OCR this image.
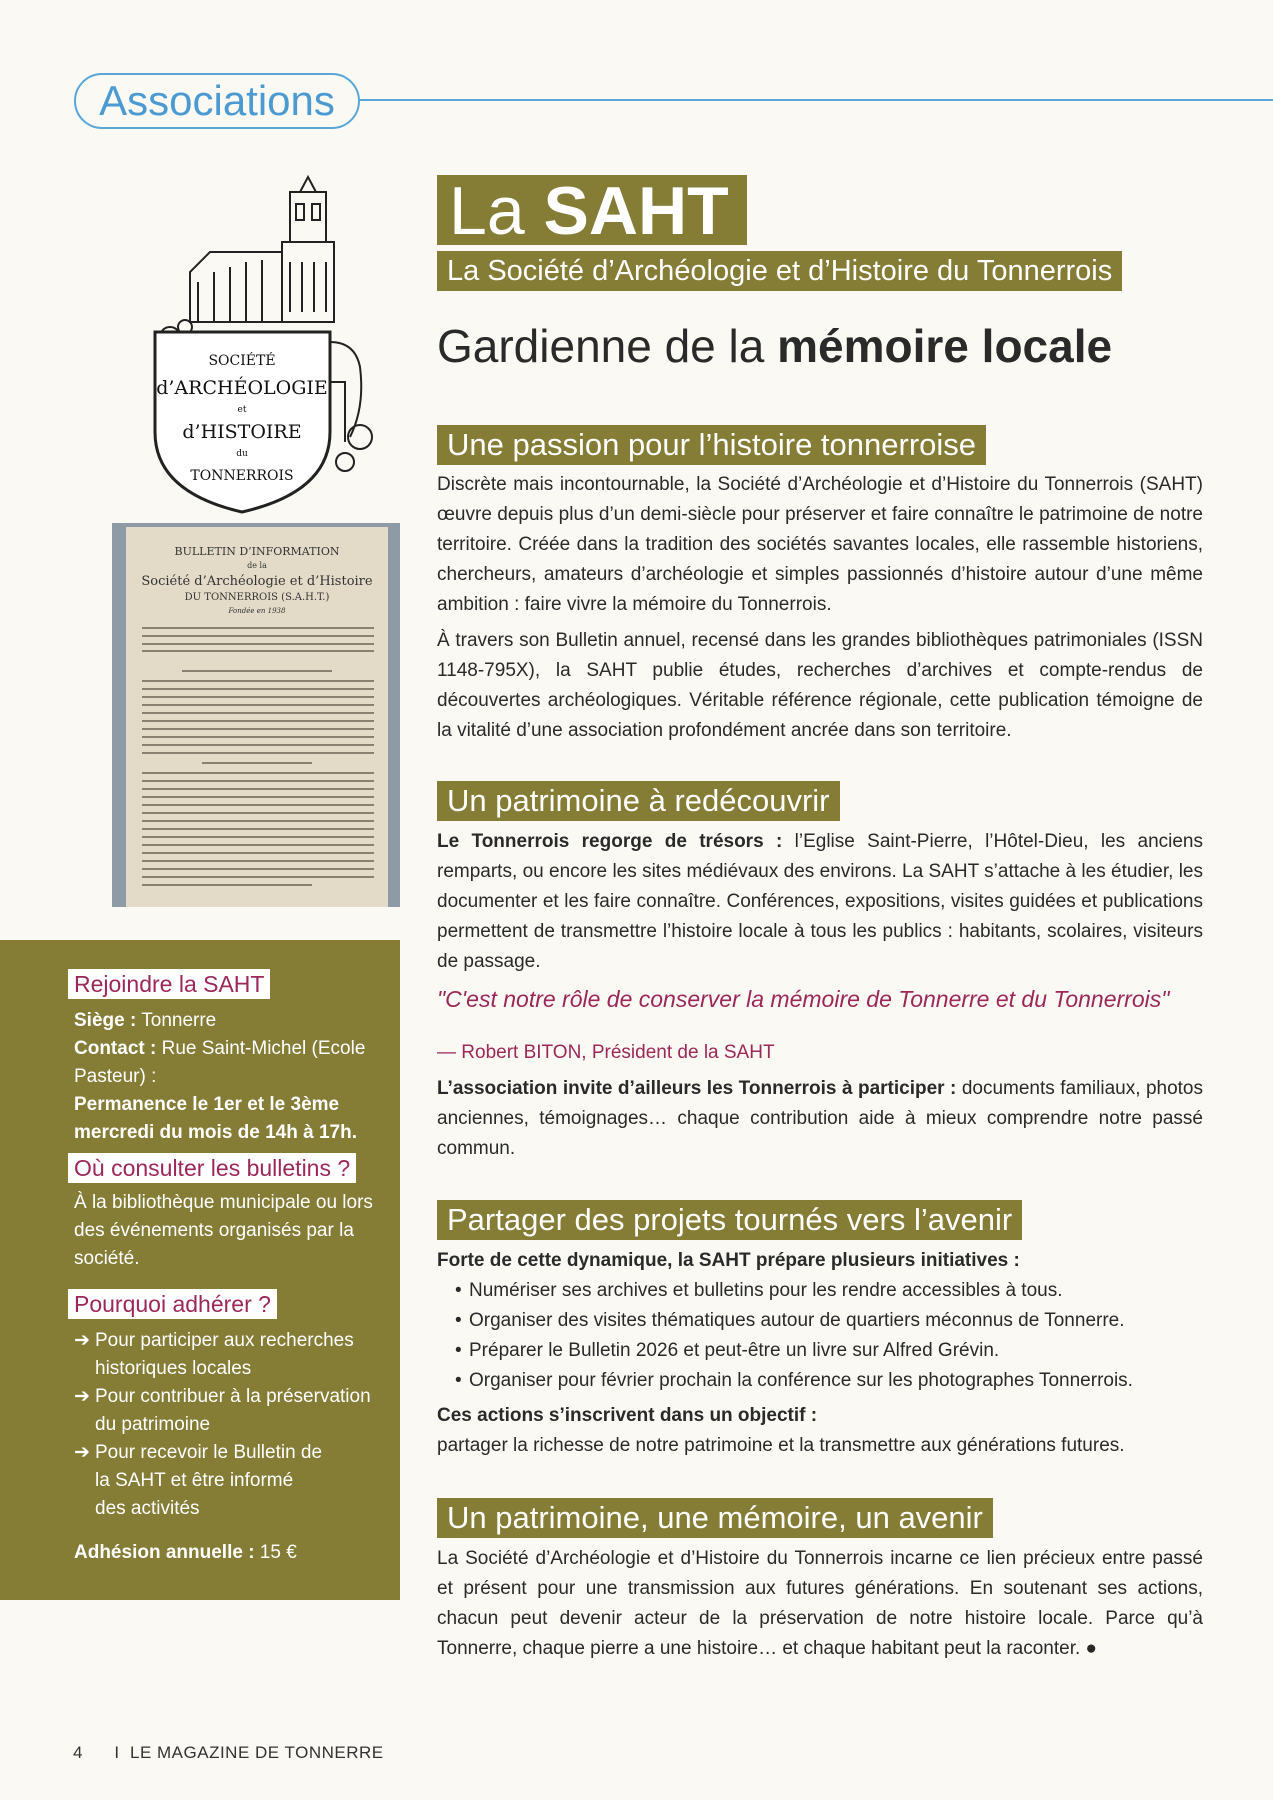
Associations
SOCIÉTÉ
d’ARCHÉOLOGIE
et
d’HISTOIRE
du
TONNERROIS
BULLETIN D’INFORMATION
de la
Société d’Archéologie et d’Histoire
DU TONNERROIS (S.A.H.T.)
Fondée en 1938
La SAHT
La Société d’Archéologie et d’Histoire du Tonnerrois
Gardienne de la mémoire locale
Une passion pour l’histoire tonnerroise
Discrète mais incontournable, la Société d’Archéologie et d’Histoire du Tonnerrois (SAHT) œuvre depuis plus d’un demi-siècle pour préserver et faire connaître le patrimoine de notre territoire. Créée dans la tradition des sociétés savantes locales, elle rassemble historiens, chercheurs, amateurs d’archéologie et simples passionnés d’histoire autour d’une même ambition : faire vivre la mémoire du Tonnerrois.
À travers son Bulletin annuel, recensé dans les grandes bibliothèques patrimoniales (ISSN 1148-795X), la SAHT publie études, recherches d’archives et compte-rendus de découvertes archéologiques. Véritable référence régionale, cette publication témoigne de la vitalité d’une association profondément ancrée dans son territoire.
Un patrimoine à redécouvrir
Le Tonnerrois regorge de trésors : l’Eglise Saint-Pierre, l’Hôtel-Dieu, les anciens remparts, ou encore les sites médiévaux des environs. La SAHT s’attache à les étudier, les documenter et les faire connaître. Conférences, expositions, visites guidées et publications permettent de transmettre l’histoire locale à tous les publics : habitants, scolaires, visiteurs de passage.
"C'est notre rôle de conserver la mémoire de Tonnerre et du Tonnerrois"
— Robert BITON, Président de la SAHT
L’association invite d’ailleurs les Tonnerrois à participer : documents familiaux, photos anciennes, témoignages… chaque contribution aide à mieux comprendre notre passé commun.
Partager des projets tournés vers l’avenir
Forte de cette dynamique, la SAHT prépare plusieurs initiatives :
• Numériser ses archives et bulletins pour les rendre accessibles à tous.
• Organiser des visites thématiques autour de quartiers méconnus de Tonnerre.
• Préparer le Bulletin 2026 et peut-être un livre sur Alfred Grévin.
• Organiser pour février prochain la conférence sur les photographes Tonnerrois.
Ces actions s’inscrivent dans un objectif :
partager la richesse de notre patrimoine et la transmettre aux générations futures.
Un patrimoine, une mémoire, un avenir
La Société d’Archéologie et d’Histoire du Tonnerrois incarne ce lien précieux entre passé et présent pour une transmission aux futures générations. En soutenant ses actions, chacun peut devenir acteur de la préservation de notre histoire locale. Parce qu’à Tonnerre, chaque pierre a une histoire… et chaque habitant peut la raconter. ●
Rejoindre la SAHT
Siège : Tonnerre
Contact : Rue Saint-Michel (Ecole Pasteur) :
Permanence le 1er et le 3ème mercredi du mois de 14h à 17h.
Où consulter les bulletins ?
À la bibliothèque municipale ou lors des événements organisés par la société.
Pourquoi adhérer ?
➔ Pour participer aux recherches historiques locales
➔ Pour contribuer à la préservation du patrimoine
➔ Pour recevoir le Bulletin de la SAHT et être informé des activités
Adhésion annuelle : 15 €
4 I LE MAGAZINE DE TONNERRE
